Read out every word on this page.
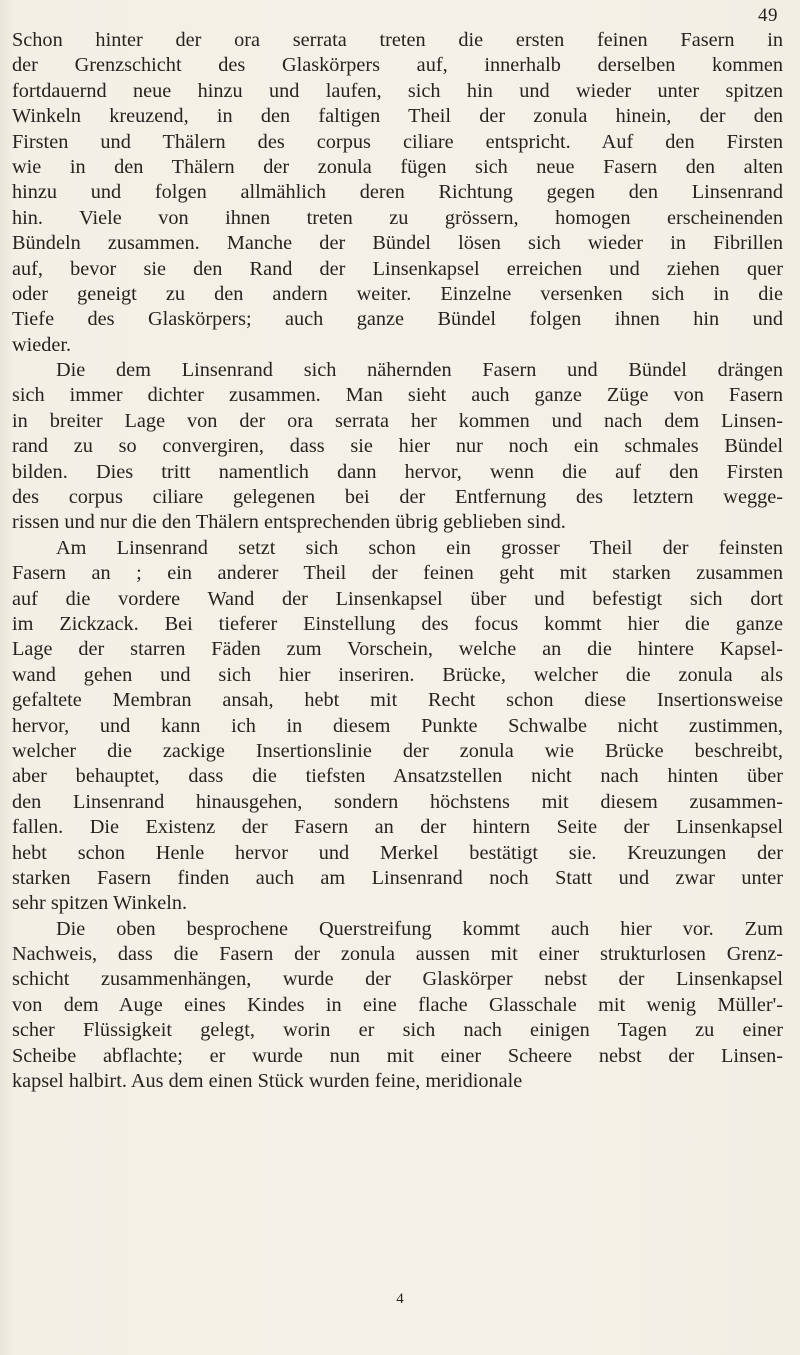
49
Schon hinter der ora serrata treten die ersten feinen Fasern in
der Grenzschicht des Glaskörpers auf, innerhalb derselben kommen
fortdauernd neue hinzu und laufen, sich hin und wieder unter spitzen
Winkeln kreuzend, in den faltigen Theil der zonula hinein, der den
Firsten und Thälern des corpus ciliare entspricht. Auf den Firsten
wie in den Thälern der zonula fügen sich neue Fasern den alten
hinzu und folgen allmählich deren Richtung gegen den Linsenrand
hin. Viele von ihnen treten zu grössern, homogen erscheinenden
Bündeln zusammen. Manche der Bündel lösen sich wieder in Fibrillen
auf, bevor sie den Rand der Linsenkapsel erreichen und ziehen quer
oder geneigt zu den andern weiter. Einzelne versenken sich in die
Tiefe des Glaskörpers; auch ganze Bündel folgen ihnen hin und
wieder.
Die dem Linsenrand sich nähernden Fasern und Bündel drängen
sich immer dichter zusammen. Man sieht auch ganze Züge von Fasern
in breiter Lage von der ora serrata her kommen und nach dem Linsen-
rand zu so convergiren, dass sie hier nur noch ein schmales Bündel
bilden. Dies tritt namentlich dann hervor, wenn die auf den Firsten
des corpus ciliare gelegenen bei der Entfernung des letztern wegge-
rissen und nur die den Thälern entsprechenden übrig geblieben sind.
Am Linsenrand setzt sich schon ein grosser Theil der feinsten
Fasern an ; ein anderer Theil der feinen geht mit starken zusammen
auf die vordere Wand der Linsenkapsel über und befestigt sich dort
im Zickzack. Bei tieferer Einstellung des focus kommt hier die ganze
Lage der starren Fäden zum Vorschein, welche an die hintere Kapsel-
wand gehen und sich hier inseriren. Brücke, welcher die zonula als
gefaltete Membran ansah, hebt mit Recht schon diese Insertionsweise
hervor, und kann ich in diesem Punkte Schwalbe nicht zustimmen,
welcher die zackige Insertionslinie der zonula wie Brücke beschreibt,
aber behauptet, dass die tiefsten Ansatzstellen nicht nach hinten über
den Linsenrand hinausgehen, sondern höchstens mit diesem zusammen-
fallen. Die Existenz der Fasern an der hintern Seite der Linsenkapsel
hebt schon Henle hervor und Merkel bestätigt sie. Kreuzungen der
starken Fasern finden auch am Linsenrand noch Statt und zwar unter
sehr spitzen Winkeln.
Die oben besprochene Querstreifung kommt auch hier vor. Zum
Nachweis, dass die Fasern der zonula aussen mit einer strukturlosen Grenz-
schicht zusammenhängen, wurde der Glaskörper nebst der Linsenkapsel
von dem Auge eines Kindes in eine flache Glasschale mit wenig Müller'-
scher Flüssigkeit gelegt, worin er sich nach einigen Tagen zu einer
Scheibe abflachte; er wurde nun mit einer Scheere nebst der Linsen-
kapsel halbirt. Aus dem einen Stück wurden feine, meridionale
4
